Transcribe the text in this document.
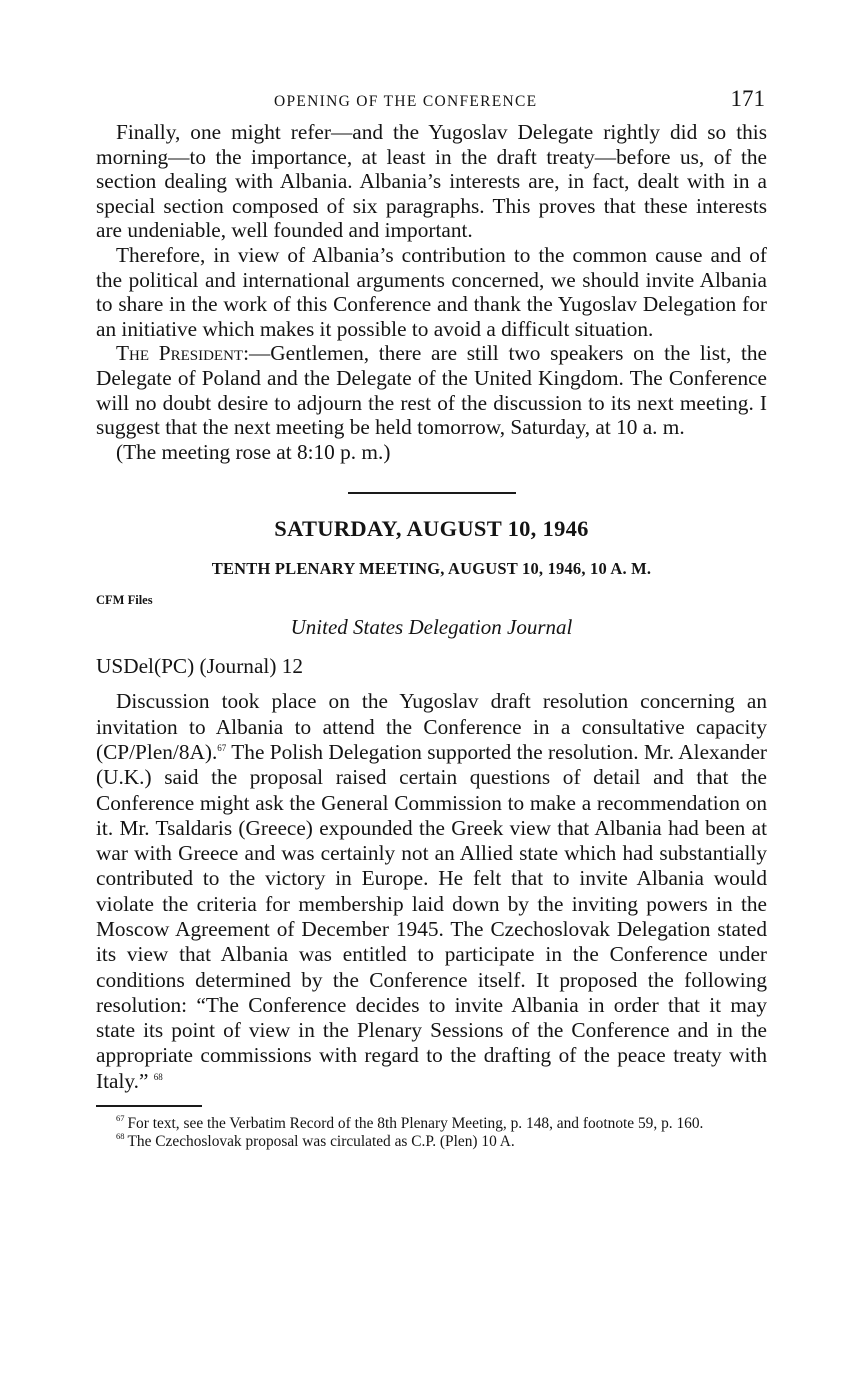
OPENING OF THE CONFERENCE	171

Finally, one might refer—and the Yugoslav Delegate rightly did so this morning—to the importance, at least in the draft treaty—before us, of the section dealing with Albania. Albania’s interests are, in fact, dealt with in a special section composed of six paragraphs. This proves that these interests are undeniable, well founded and important.

Therefore, in view of Albania’s contribution to the common cause and of the political and international arguments concerned, we should invite Albania to share in the work of this Conference and thank the Yugoslav Delegation for an initiative which makes it possible to avoid a difficult situation.

The President:—Gentlemen, there are still two speakers on the list, the Delegate of Poland and the Delegate of the United Kingdom. The Conference will no doubt desire to adjourn the rest of the discussion to its next meeting. I suggest that the next meeting be held tomorrow, Saturday, at 10 a. m.

(The meeting rose at 8:10 p. m.)

SATURDAY, AUGUST 10, 1946
TENTH PLENARY MEETING, AUGUST 10, 1946, 10 A. M.
CFM Files
United States Delegation Journal
USDel(PC) (Journal) 12

Discussion took place on the Yugoslav draft resolution concerning an invitation to Albania to attend the Conference in a consultative capacity (CP/Plen/8A).$^{67}$ The Polish Delegation supported the resolution. Mr. Alexander (U.K.) said the proposal raised certain questions of detail and that the Conference might ask the General Commission to make a recommendation on it. Mr. Tsaldaris (Greece) expounded the Greek view that Albania had been at war with Greece and was certainly not an Allied state which had substantially contributed to the victory in Europe. He felt that to invite Albania would violate the criteria for membership laid down by the inviting powers in the Moscow Agreement of December 1945. The Czechoslovak Delegation stated its view that Albania was entitled to participate in the Conference under conditions determined by the Conference itself. It proposed the following resolution: “The Conference decides to invite Albania in order that it may state its point of view in the Plenary Sessions of the Conference and in the appropriate commissions with regard to the drafting of the peace treaty with Italy.” $^{68}$

$^{67}$ For text, see the Verbatim Record of the 8th Plenary Meeting, p. 148, and footnote 59, p. 160.

$^{68}$ The Czechoslovak proposal was circulated as C.P. (Plen) 10 A.
